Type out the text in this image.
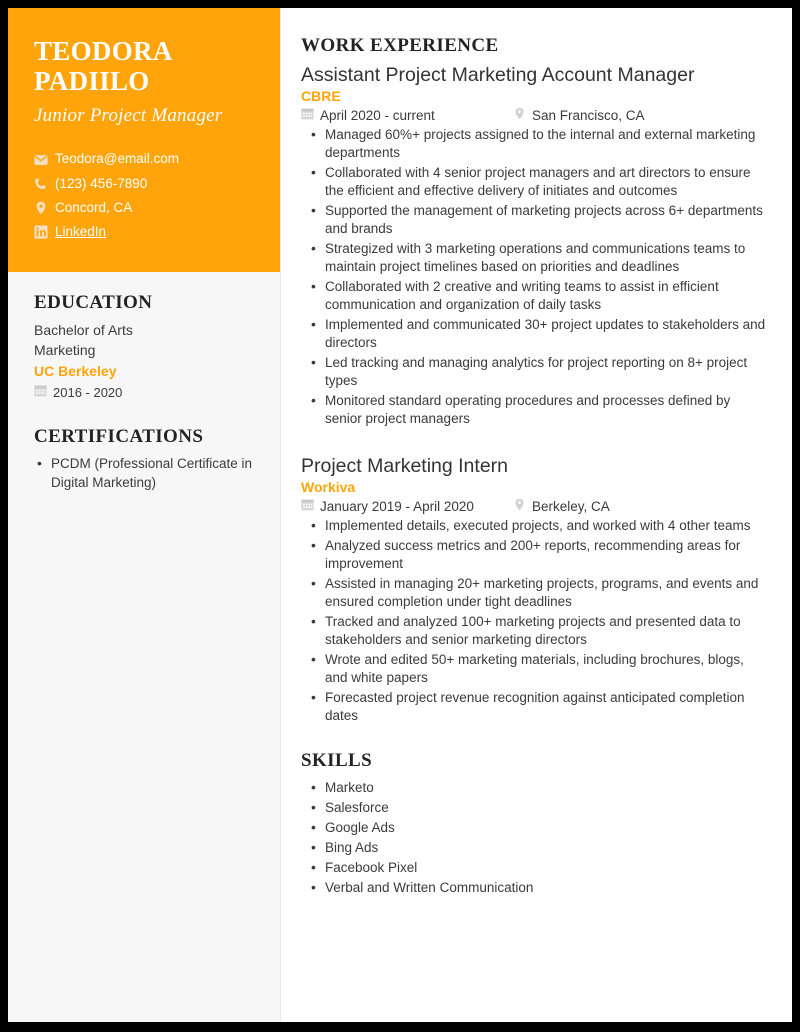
TEODORA
PADIILO
Junior Project Manager
Teodora@email.com
(123) 456-7890
Concord, CA
LinkedIn
EDUCATION
Bachelor of Arts
Marketing
UC Berkeley
2016 - 2020
CERTIFICATIONS
• PCDM (Professional Certificate in Digital Marketing)
WORK EXPERIENCE
Assistant Project Marketing Account Manager
CBRE
April 2020 - current	San Francisco, CA
• Managed 60%+ projects assigned to the internal and external marketing departments
• Collaborated with 4 senior project managers and art directors to ensure the efficient and effective delivery of initiates and outcomes
• Supported the management of marketing projects across 6+ departments and brands
• Strategized with 3 marketing operations and communications teams to maintain project timelines based on priorities and deadlines
• Collaborated with 2 creative and writing teams to assist in efficient communication and organization of daily tasks
• Implemented and communicated 30+ project updates to stakeholders and directors
• Led tracking and managing analytics for project reporting on 8+ project types
• Monitored standard operating procedures and processes defined by senior project managers
Project Marketing Intern
Workiva
January 2019 - April 2020	Berkeley, CA
• Implemented details, executed projects, and worked with 4 other teams
• Analyzed success metrics and 200+ reports, recommending areas for improvement
• Assisted in managing 20+ marketing projects, programs, and events and ensured completion under tight deadlines
• Tracked and analyzed 100+ marketing projects and presented data to stakeholders and senior marketing directors
• Wrote and edited 50+ marketing materials, including brochures, blogs, and white papers
• Forecasted project revenue recognition against anticipated completion dates
SKILLS
• Marketo
• Salesforce
• Google Ads
• Bing Ads
• Facebook Pixel
• Verbal and Written Communication
